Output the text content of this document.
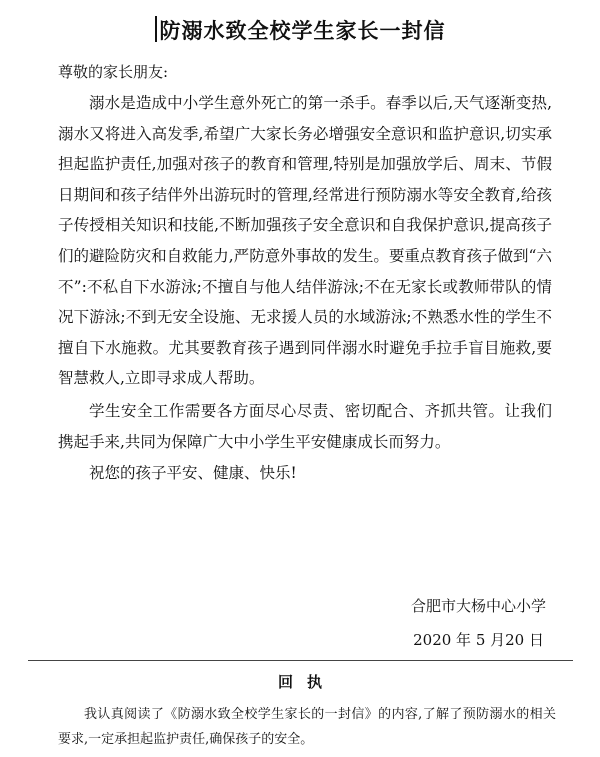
防溺水致全校学生家长一封信
尊敬的家长朋友:

溺水是造成中小学生意外死亡的第一杀手。春季以后,天气逐渐变热,溺水又将进入高发季,希望广大家长务必增强安全意识和监护意识,切实承担起监护责任,加强对孩子的教育和管理,特别是加强放学后、周末、节假日期间和孩子结伴外出游玩时的管理,经常进行预防溺水等安全教育,给孩子传授相关知识和技能,不断加强孩子安全意识和自我保护意识,提高孩子们的避险防灾和自救能力,严防意外事故的发生。要重点教育孩子做到“六不”:不私自下水游泳;不擅自与他人结伴游泳;不在无家长或教师带队的情况下游泳;不到无安全设施、无求援人员的水域游泳;不熟悉水性的学生不擅自下水施救。尤其要教育孩子遇到同伴溺水时避免手拉手盲目施救,要智慧救人,立即寻求成人帮助。

学生安全工作需要各方面尽心尽责、密切配合、齐抓共管。让我们携起手来,共同为保障广大中小学生平安健康成长而努力。

祝您的孩子平安、健康、快乐!

合肥市大杨中心小学
2020 年 5 月20 日
回执

我认真阅读了《防溺水致全校学生家长的一封信》的内容,了解了预防溺水的相关要求,一定承担起监护责任,确保孩子的安全。
